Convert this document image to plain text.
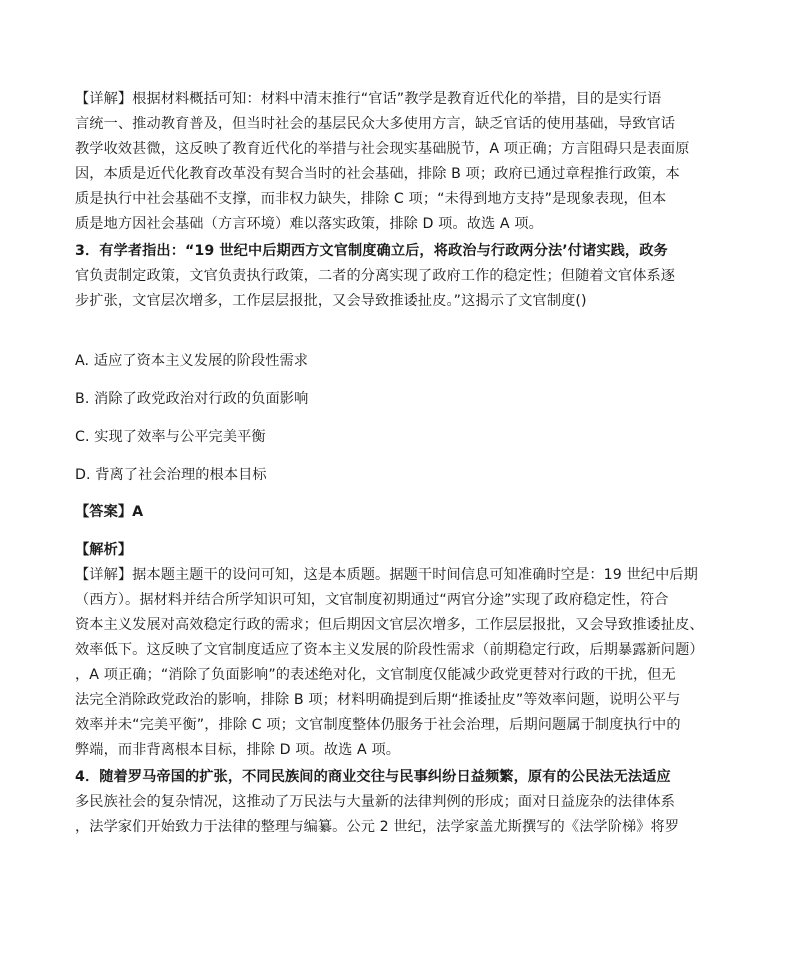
【详解】根据材料概括可知：材料中清末推行“官话”教学是教育近代化的举措，目的是实行语
言统一、推动教育普及，但当时社会的基层民众大多使用方言，缺乏官话的使用基础，导致官话
教学收效甚微，这反映了教育近代化的举措与社会现实基础脱节，A 项正确；方言阻碍只是表面原
因，本质是近代化教育改革没有契合当时的社会基础，排除 B 项；政府已通过章程推行政策，本
质是执行中社会基础不支撑，而非权力缺失，排除 C 项；“未得到地方支持”是现象表现，但本
质是地方因社会基础（方言环境）难以落实政策，排除 D 项。故选 A 项。
3．有学者指出：“19 世纪中后期西方文官制度确立后，将政治与行政两分法’付诸实践，政务
官负责制定政策，文官负责执行政策，二者的分离实现了政府工作的稳定性；但随着文官体系逐
步扩张，文官层次增多，工作层层报批，又会导致推诿扯皮。”这揭示了文官制度()
A. 适应了资本主义发展的阶段性需求
B. 消除了政党政治对行政的负面影响
C. 实现了效率与公平完美平衡
D. 背离了社会治理的根本目标
【答案】A
【解析】
【详解】据本题主题干的设问可知，这是本质题。据题干时间信息可知准确时空是：19 世纪中后期
（西方）。据材料并结合所学知识可知，文官制度初期通过“两官分途”实现了政府稳定性，符合
资本主义发展对高效稳定行政的需求；但后期因文官层次增多，工作层层报批，又会导致推诿扯皮、
效率低下。这反映了文官制度适应了资本主义发展的阶段性需求（前期稳定行政，后期暴露新问题）
，A 项正确；“消除了负面影响”的表述绝对化，文官制度仅能减少政党更替对行政的干扰，但无
法完全消除政党政治的影响，排除 B 项；材料明确提到后期“推诿扯皮”等效率问题，说明公平与
效率并未“完美平衡”，排除 C 项；文官制度整体仍服务于社会治理，后期问题属于制度执行中的
弊端，而非背离根本目标，排除 D 项。故选 A 项。
4．随着罗马帝国的扩张，不同民族间的商业交往与民事纠纷日益频繁，原有的公民法无法适应
多民族社会的复杂情况，这推动了万民法与大量新的法律判例的形成；面对日益庞杂的法律体系
，法学家们开始致力于法律的整理与编纂。公元 2 世纪，法学家盖尤斯撰写的《法学阶梯》将罗
